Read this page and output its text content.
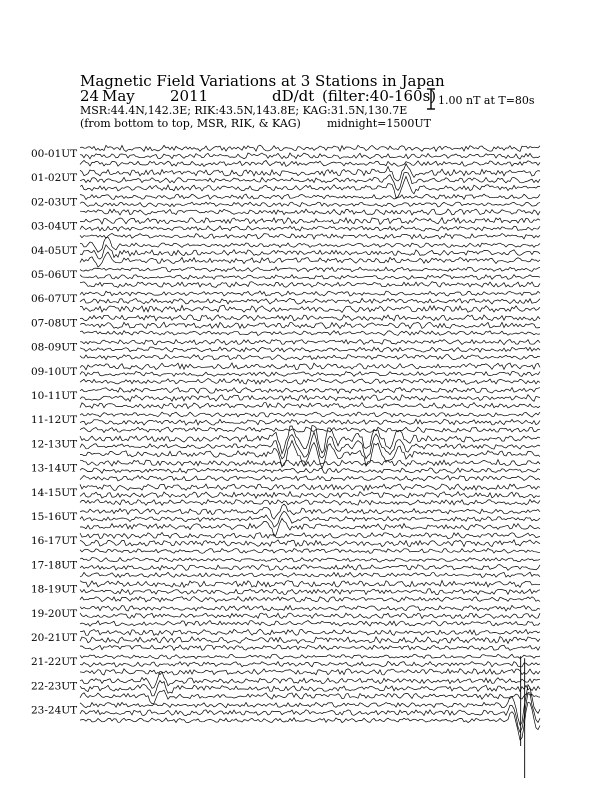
Magnetic Field Variations at 3 Stations in Japan
24 May 2011	dD/dt (filter:40-160s)
MSR:44.4N,142.3E; RIK:43.5N,143.8E; KAG:31.5N,130.7E
(from bottom to top, MSR, RIK, & KAG) midnight=1500UT
1.00 nT at T=80s
00-01UT
01-02UT
02-03UT
03-04UT
04-05UT
05-06UT
06-07UT
07-08UT
08-09UT
09-10UT
10-11UT
11-12UT
12-13UT
13-14UT
14-15UT
15-16UT
16-17UT
17-18UT
18-19UT
19-20UT
20-21UT
21-22UT
22-23UT
23-24UT
